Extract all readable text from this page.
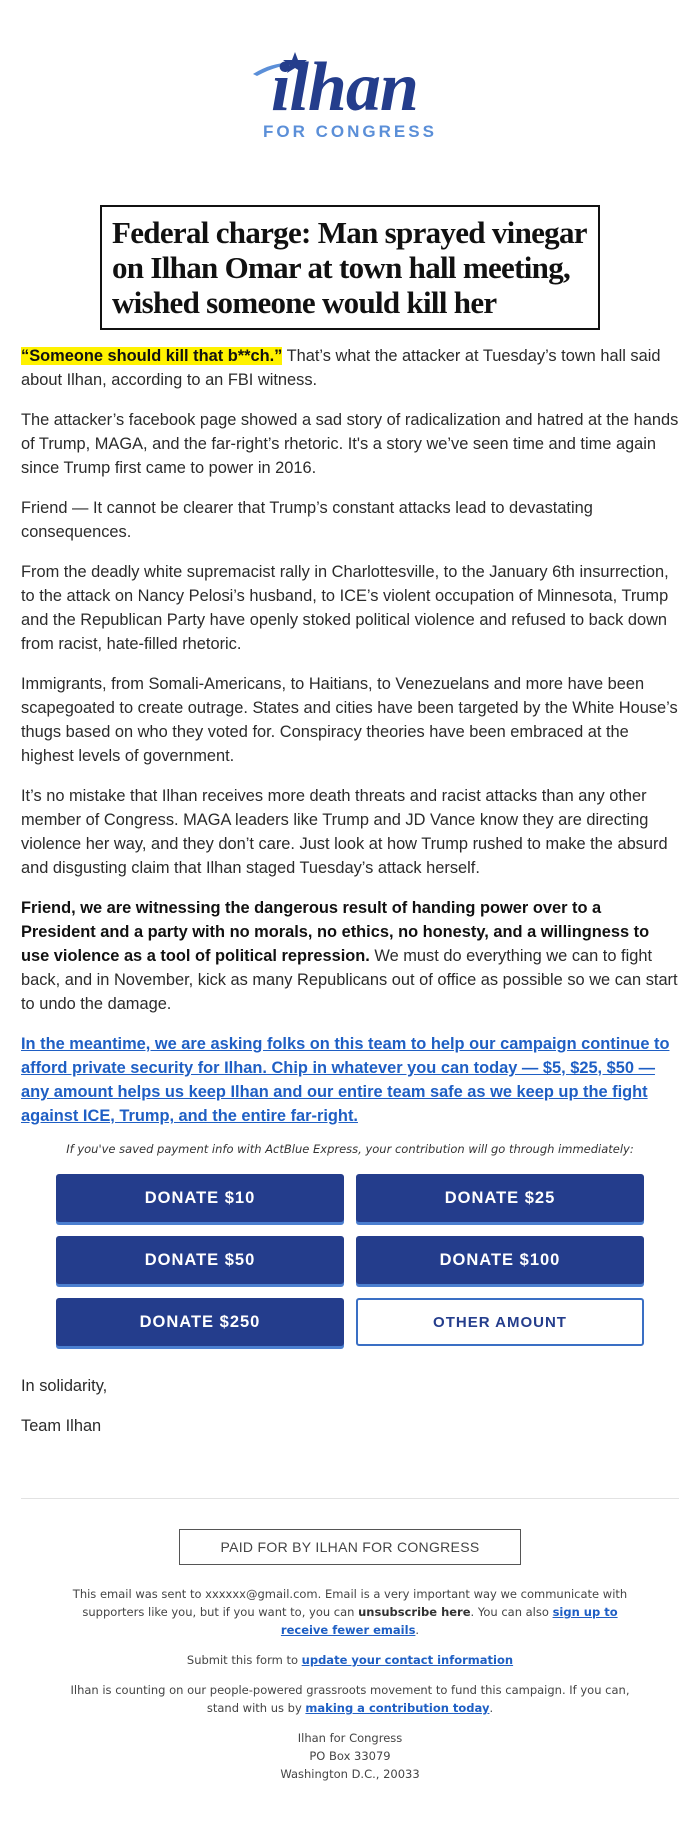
ilhan
FOR CONGRESS
Federal charge: Man sprayed vinegar on Ilhan Omar at town hall meeting, wished someone would kill her

“Someone should kill that b**ch.” That’s what the attacker at Tuesday’s town hall said about Ilhan, according to an FBI witness.

The attacker’s facebook page showed a sad story of radicalization and hatred at the hands of Trump, MAGA, and the far-right’s rhetoric. It's a story we’ve seen time and time again since Trump first came to power in 2016.

Friend — It cannot be clearer that Trump’s constant attacks lead to devastating consequences.

From the deadly white supremacist rally in Charlottesville, to the January 6th insurrection, to the attack on Nancy Pelosi’s husband, to ICE’s violent occupation of Minnesota, Trump and the Republican Party have openly stoked political violence and refused to back down from racist, hate-filled rhetoric.

Immigrants, from Somali-Americans, to Haitians, to Venezuelans and more have been scapegoated to create outrage. States and cities have been targeted by the White House’s thugs based on who they voted for. Conspiracy theories have been embraced at the highest levels of government.

It’s no mistake that Ilhan receives more death threats and racist attacks than any other member of Congress. MAGA leaders like Trump and JD Vance know they are directing violence her way, and they don’t care. Just look at how Trump rushed to make the absurd and disgusting claim that Ilhan staged Tuesday’s attack herself.

Friend, we are witnessing the dangerous result of handing power over to a President and a party with no morals, no ethics, no honesty, and a willingness to use violence as a tool of political repression. We must do everything we can to fight back, and in November, kick as many Republicans out of office as possible so we can start to undo the damage.

In the meantime, we are asking folks on this team to help our campaign continue to afford private security for Ilhan. Chip in whatever you can today — $5, $25, $50 — any amount helps us keep Ilhan and our entire team safe as we keep up the fight against ICE, Trump, and the entire far-right.
If you've saved payment info with ActBlue Express, your contribution will go through immediately:
DONATE $10	DONATE $25
DONATE $50	DONATE $100
DONATE $250	OTHER AMOUNT

In solidarity,

Team Ilhan

PAID FOR BY ILHAN FOR CONGRESS

This email was sent to xxxxxx@gmail.com. Email is a very important way we communicate with supporters like you, but if you want to, you can unsubscribe here. You can also sign up to receive fewer emails.

Submit this form to update your contact information

Ilhan is counting on our people-powered grassroots movement to fund this campaign. If you can, stand with us by making a contribution today.

Ilhan for Congress
PO Box 33079
Washington D.C., 20033
